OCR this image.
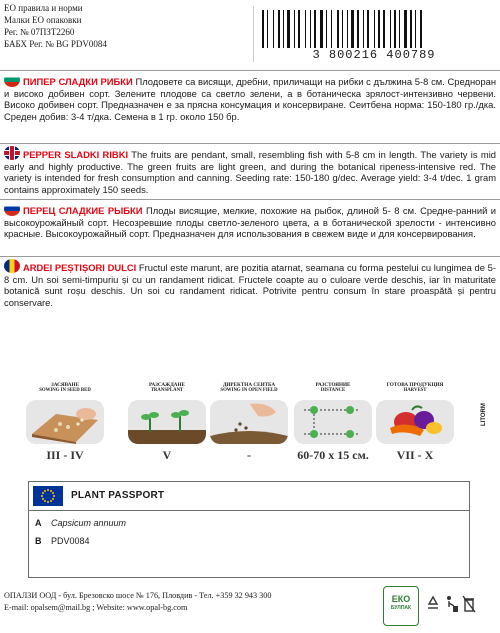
ЕО правила и норми
Малки ЕО опаковки
Рег. № 07ПЗТ2260
БАБХ Рег. № BG PDV0084
3 800216 400789
ПИПЕР СЛАДКИ РИБКИ Плодовете са висящи, дребни, приличащи на рибки с дължина 5-8 см. Среднoран и високо добивен сорт. Зелените плодове са светло зелени, а в ботаническа зрялост-интензивно червени. Високо добивен сорт. Предназначен е за прясна консумация и консервиране. Сеитбена норма: 150-180 гр./дка. Среден добив: 3-4 т/дка. Семена в 1 гр. около 150 бр.
PEPPER SLADKI RIBKI The fruits are pendant, small, resembling fish with 5-8 cm in length. The variety is mid early and highly productive. The green fruits are light green, and during the botanical ripeness-intensive red. The variety is intended for fresh consumption and canning. Seeding rate: 150-180 g/dec. Average yield: 3-4 t/dec. 1 gram contains approximately 150 seeds.
ПЕРЕЦ СЛАДКИЕ РЫБКИ Плоды висящие, мелкие, похожие на рыбок, длиной 5- 8 см. Средне-ранний и высокоурожайный сорт. Несозревшие плоды светло-зеленого цвета, а в ботанической зрелости - интенсивно красные. Высокоурожайный сорт. Предназначен для использования в свежем виде и для консервирования.
ARDEI PEȘTIȘORI DULCI Fructul este marunt, are pozitia atarnat, seamana cu forma pestelui cu lungimea de 5-8 cm. Un soi semi-timpuriu și cu un randament ridicat. Fructele coapte au o culoare verde deschis, iar în maturitate botanică sunt roșu deschis. Un soi cu randament ridicat. Potrivite pentru consum în stare proaspătă și pentru conservare.
ЗАСЯВАНЕ
SOWING IN SEED BED
III - IV
РАЗСАЖДАНЕ
TRANSPLANT
V
ДИРЕКТНА СЕИТБА
SOWING IN OPEN FIELD
-
РАЗСТОЯНИЕ
DISTANCE
60-70 x 15 см.
ГОТОВА ПРОДУКЦИЯ
HARVEST
VII - X
LITORM
PLANT PASSPORT
A Capsicum annuum
B PDV0084
ОПАЛЗИ ООД - бул. Брезовско шосе № 176, Пловдив - Тел. +359 32 943 300
E-mail: opalsem@mail.bg ; Website: www.opal-bg.com
ЕКО
БУЛПАК
